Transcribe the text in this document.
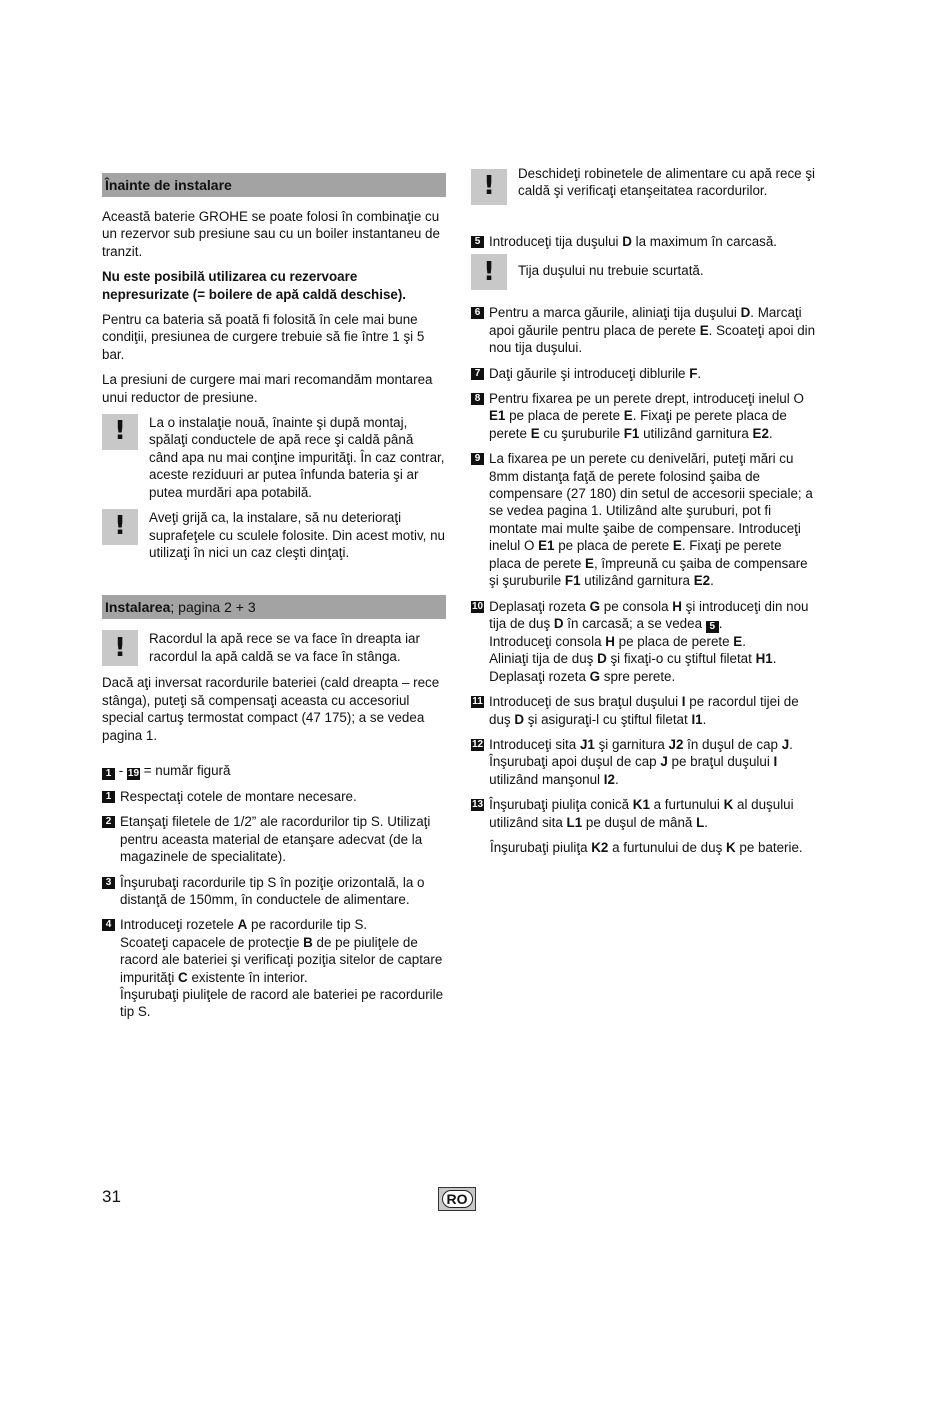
Înainte de instalare

Această baterie GROHE se poate folosi în combinaţie cu un rezervor sub presiune sau cu un boiler instantaneu de tranzit.

Nu este posibilă utilizarea cu rezervoare nepresurizate (= boilere de apă caldă deschise).

Pentru ca bateria să poată fi folosită în cele mai bune condiţii, presiunea de curgere trebuie să fie între 1 şi 5 bar.

La presiuni de curgere mai mari recomandăm montarea unui reductor de presiune.

!	La o instalaţie nouă, înainte şi după montaj, spălaţi conductele de apă rece şi caldă până când apa nu mai conţine impurităţi. În caz contrar, aceste reziduuri ar putea înfunda bateria şi ar putea murdări apa potabilă.
!	Aveţi grijă ca, la instalare, să nu deterioraţi suprafeţele cu sculele folosite. Din acest motiv, nu utilizaţi în nici un caz cleşti dinţaţi.
Instalarea; pagina 2 + 3
!	Racordul la apă rece se va face în dreapta iar racordul la apă caldă se va face în stânga.

Dacă aţi inversat racordurile bateriei (cald dreapta – rece stânga), puteţi să compensaţi aceasta cu accesoriul special cartuş termostat compact (47 175); a se vedea pagina 1.

1 - 19 = număr figură

1 Respectaţi cotele de montare necesare.
2 Etanşaţi filetele de 1/2” ale racordurilor tip S. Utilizaţi pentru aceasta material de etanşare adecvat (de la magazinele de specialitate).
3 Înşurubaţi racordurile tip S în poziţie orizontală, la o distanţă de 150mm, în conductele de alimentare.
4 Introduceţi rozetele A pe racordurile tip S.
Scoateţi capacele de protecţie B de pe piuliţele de racord ale bateriei şi verificaţi poziţia sitelor de captare impurităţi C existente în interior.
Înşurubaţi piuliţele de racord ale bateriei pe racordurile tip S.
!	Deschideţi robinetele de alimentare cu apă rece şi caldă şi verificaţi etanşeitatea racordurilor.
5 Introduceţi tija duşului D la maximum în carcasă.
!	Tija duşului nu trebuie scurtată.
6 Pentru a marca găurile, aliniaţi tija duşului D. Marcaţi apoi găurile pentru placa de perete E. Scoateţi apoi din nou tija duşului.
7 Daţi găurile şi introduceţi diblurile F.
8 Pentru fixarea pe un perete drept, introduceţi inelul O E1 pe placa de perete E. Fixaţi pe perete placa de perete E cu şuruburile F1 utilizând garnitura E2.
9 La fixarea pe un perete cu denivelări, puteţi mări cu 8mm distanţa faţă de perete folosind şaiba de compensare (27 180) din setul de accesorii speciale; a se vedea pagina 1. Utilizând alte şuruburi, pot fi montate mai multe şaibe de compensare. Introduceţi inelul O E1 pe placa de perete E. Fixaţi pe perete placa de perete E, împreună cu şaiba de compensare şi şuruburile F1 utilizând garnitura E2.
10 Deplasaţi rozeta G pe consola H şi introduceţi din nou tija de duş D în carcasă; a se vedea 5 .
Introduceţi consola H pe placa de perete E.
Aliniaţi tija de duş D şi fixaţi-o cu ştiftul filetat H1.
Deplasaţi rozeta G spre perete.
11 Introduceţi de sus braţul duşului I pe racordul tijei de duş D şi asiguraţi-l cu ştiftul filetat I1.
12 Introduceţi sita J1 şi garnitura J2 în duşul de cap J.
Înşurubaţi apoi duşul de cap J pe braţul duşului I utilizând manşonul I2.
13 Înşurubaţi piuliţa conică K1 a furtunului K al duşului utilizând sita L1 pe duşul de mână L.

Înşurubaţi piuliţa K2 a furtunului de duş K pe baterie.

31	RO
